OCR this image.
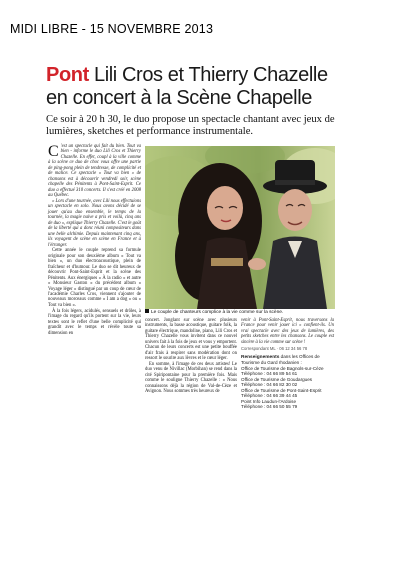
MIDI LIBRE - 15 NOVEMBRE 2013
Pont Lili Cros et Thierry Chazelle
en concert à la Scène Chapelle
Ce soir à 20 h 30, le duo propose un spectacle chantant avec jeux de lumières, sketches et performance instrumentale.

C 'est un spectacle qui fait du bien. Tout va bien - informe le duo Lili Cros et Thierry Chazelle. En effet, coupl à la ville comme à la scène ce duo de choc vous offre une partie de ping-pong plein de tendresse, de complicité et de malice. Ce spectacle « Tout va bien » de chansons est à découvrir vendredi soir, scène chapelle des Pénitents à Pont-Saint-Esprit. Ce duo a effectué 310 concerts. Il s'est créé en 2008 au Québec.

« Lors d'une tournée, avec Lili nous effectuions un spectacle en solo. Nous avons décidé de se jouer qu'au duo ensemble, le temps de la tournée, la magie naive a pris et voilà, cinq ans de duo », explique Thierry Chazelle. C'est le goût de la liberté qui a donc réuni compositeurs dans une belle alchimie. Depuis maintenant cinq ans, ils voyagent de scène en scène en France et à l'étranger.

Cette année le couple reprend sa formule originale pour son deuxième album « Tout va bien », un duo électroacoustique, plein de fraîcheur et d'humour. Le duo se dit heureux de découvrir Pont-Saint-Esprit et la scène des Pénitents. Aux énergiques « À la radio » et autre « Monsieur Gaston » du précédent album « Voyage léger » distingué par un coup de cœur de l'académie Charles Cros, viennent s'ajouter de nouveaux morceaux comme « I am a dog » ou « Tout va bien ».

À la fois légers, acidulés, sensuels et drôles, à l'image du regard qu'ils portent sur la vie, leurs textes sont le reflet d'une belle complicité qui grandit avec le temps et révèle toute sa dimension en

Le couple de chanteurs complice à la vie comme sur la scène.

concert. Jonglant sur scène avec plusieurs instruments, la basse acoustique, guitare folk, la guitare électrique, mandoline, piano, Lili Cros et Thierry Chazelle vous invitent dans ce nouvel univers fait à la fois de jeux et vous y emportent. Chacun de leurs concerts est une petite bouffée d'air frais à respirer sans modération dont on ressort le sourire aux lèvres et le cœur léger.

En somme, à l'image de ces deux artistes! Le duo venu de Nivillac (Morbihan) se rend dans la cité Spiripontaine pour la première fois. Mais comme le souligne Thierry Chazelle : « Nous connaissons déjà la région de Val-de-Cèze et Avignon. Nous sommes très heureux de

venir à Pont-Saint-Esprit, nous traversons la France pour venir jouer ici » confient-ils. Un vrai spectacle avec des jeux de lumières, des petits sketches entre les chansons. Le couple est sincère à la vie comme sur scène !

Correspondant ML · 06 12 34 56 78
Renseignements dans les Offices de Tourisme du Gard rhodanien :
Office de Tourisme de Bagnols-sur-Cèze
Téléphone : 04 66 89 54 61
Office de Tourisme de Goudargues
Téléphone : 04 66 82 30 02
Office de Tourisme de Pont-Saint-Esprit
Téléphone : 04 66 39 44 45
Point Info Laudun-l'Ardoise
Téléphone : 04 66 50 55 79
